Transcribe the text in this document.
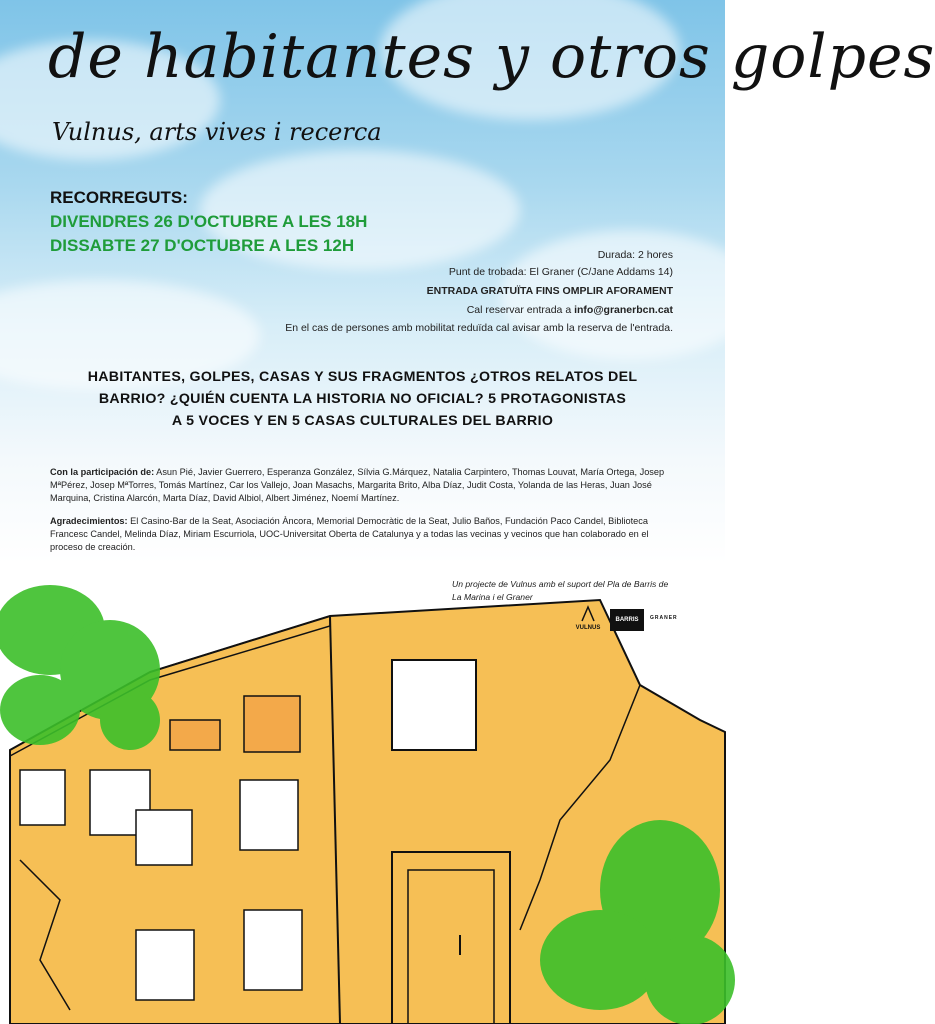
de habitantes y otros golpes
Vulnus, arts vives i recerca
RECORREGUTS:
DIVENDRES 26 D'OCTUBRE A LES 18H
DISSABTE 27 D'OCTUBRE A LES 12H	Durada: 2 hores
Punt de trobada: El Graner (C/Jane Addams 14)
ENTRADA GRATUÏTA FINS OMPLIR AFORAMENT
Cal reservar entrada a info@granerbcn.cat
En el cas de persones amb mobilitat reduïda cal avisar amb la reserva de l'entrada.
HABITANTES, GOLPES, CASAS Y SUS FRAGMENTOS ¿OTROS RELATOS DEL
BARRIO? ¿QUIÉN CUENTA LA HISTORIA NO OFICIAL? 5 PROTAGONISTAS
A 5 VOCES Y EN 5 CASAS CULTURALES DEL BARRIO
Con la participación de: Asun Pié, Javier Guerrero, Esperanza González, Sílvia G.Márquez, Natalia Carpintero, Thomas Louvat, María Ortega, Josep MªPérez, Josep MªTorres, Tomás Martínez, Car los Vallejo, Joan Masachs, Margarita Brito, Alba Díaz, Judit Costa, Yolanda de las Heras, Juan José Marquina, Cristina Alarcón, Marta Díaz, David Albiol, Albert Jiménez, Noemí Martínez.
Agradecimientos: El Casino-Bar de la Seat, Asociación Àncora, Memorial Democràtic de la Seat, Julio Baños, Fundación Paco Candel, Biblioteca Francesc Candel, Melinda Díaz, Miriam Escurriola, UOC-Universitat Oberta de Catalunya y a todas las vecinas y vecinos que han colaborado en el proceso de creación.
Un projecte de Vulnus amb el suport del Pla de Barris de La Marina i el Graner
VULNUS
BARRIS	GRANER
